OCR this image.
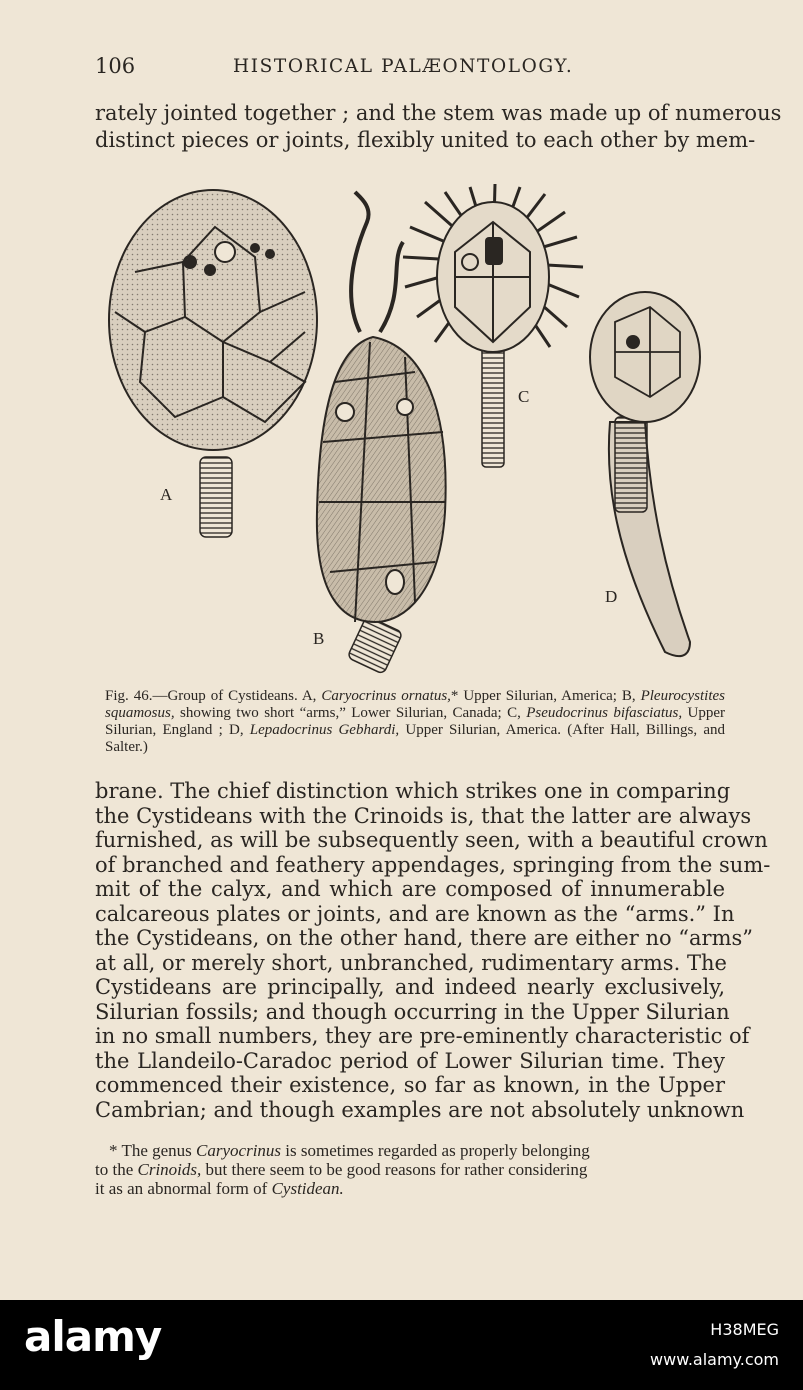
106	HISTORICAL PALÆONTOLOGY.
rately jointed together ; and the stem was made up of numerous
distinct pieces or joints, flexibly united to each other by mem-
A
B
C
D
Fig. 46.—Group of Cystideans. A, Caryocrinus ornatus,* Upper Silurian, America; B, Pleurocystites squamosus, showing two short “arms,” Lower Silurian, Canada; C, Pseudocrinus bifasciatus, Upper Silurian, England ; D, Lepadocrinus Gebhardi, Upper Silurian, America. (After Hall, Billings, and Salter.)
brane. The chief distinction which strikes one in comparing
the Cystideans with the Crinoids is, that the latter are always
furnished, as will be subsequently seen, with a beautiful crown
of branched and feathery appendages, springing from the sum-
mit of the calyx, and which are composed of innumerable
calcareous plates or joints, and are known as the “arms.” In
the Cystideans, on the other hand, there are either no “arms”
at all, or merely short, unbranched, rudimentary arms. The
Cystideans are principally, and indeed nearly exclusively,
Silurian fossils; and though occurring in the Upper Silurian
in no small numbers, they are pre-eminently characteristic of
the Llandeilo-Caradoc period of Lower Silurian time. They
commenced their existence, so far as known, in the Upper
Cambrian; and though examples are not absolutely unknown
* The genus Caryocrinus is sometimes regarded as properly belonging
to the Crinoids, but there seem to be good reasons for rather considering
it as an abnormal form of Cystidean.
alamy	H38MEG
www.alamy.com
